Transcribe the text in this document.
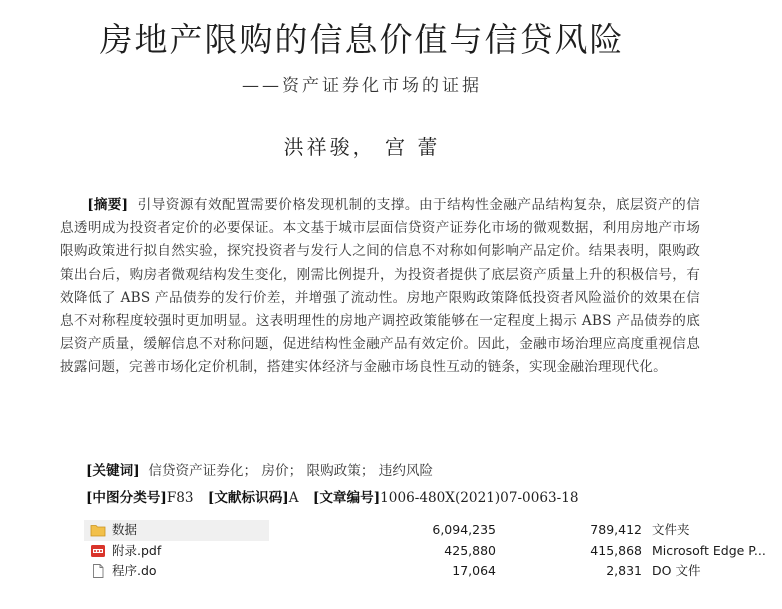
房地产限购的信息价值与信贷风险
——资产证券化市场的证据
洪祥骏， 宫 蕾
[摘要] 引导资源有效配置需要价格发现机制的支撑。由于结构性金融产品结构复杂，底层资产的信息透明成为投资者定价的必要保证。本文基于城市层面信贷资产证券化市场的微观数据，利用房地产市场限购政策进行拟自然实验，探究投资者与发行人之间的信息不对称如何影响产品定价。结果表明，限购政策出台后，购房者微观结构发生变化，刚需比例提升，为投资者提供了底层资产质量上升的积极信号，有效降低了 ABS 产品债券的发行价差，并增强了流动性。房地产限购政策降低投资者风险溢价的效果在信息不对称程度较强时更加明显。这表明理性的房地产调控政策能够在一定程度上揭示 ABS 产品债券的底层资产质量，缓解信息不对称问题，促进结构性金融产品有效定价。因此，金融市场治理应高度重视信息披露问题，完善市场化定价机制，搭建实体经济与金融市场良性互动的链条，实现金融治理现代化。
[关键词] 信贷资产证券化； 房价； 限购政策； 违约风险
[中图分类号]F83 [文献标识码]A [文章编号]1006-480X(2021)07-0063-18
数据	6,094,235	789,412 文件夹
附录.pdf	425,880	415,868 Microsoft Edge P...
程序.do	17,064	2,831 DO 文件
